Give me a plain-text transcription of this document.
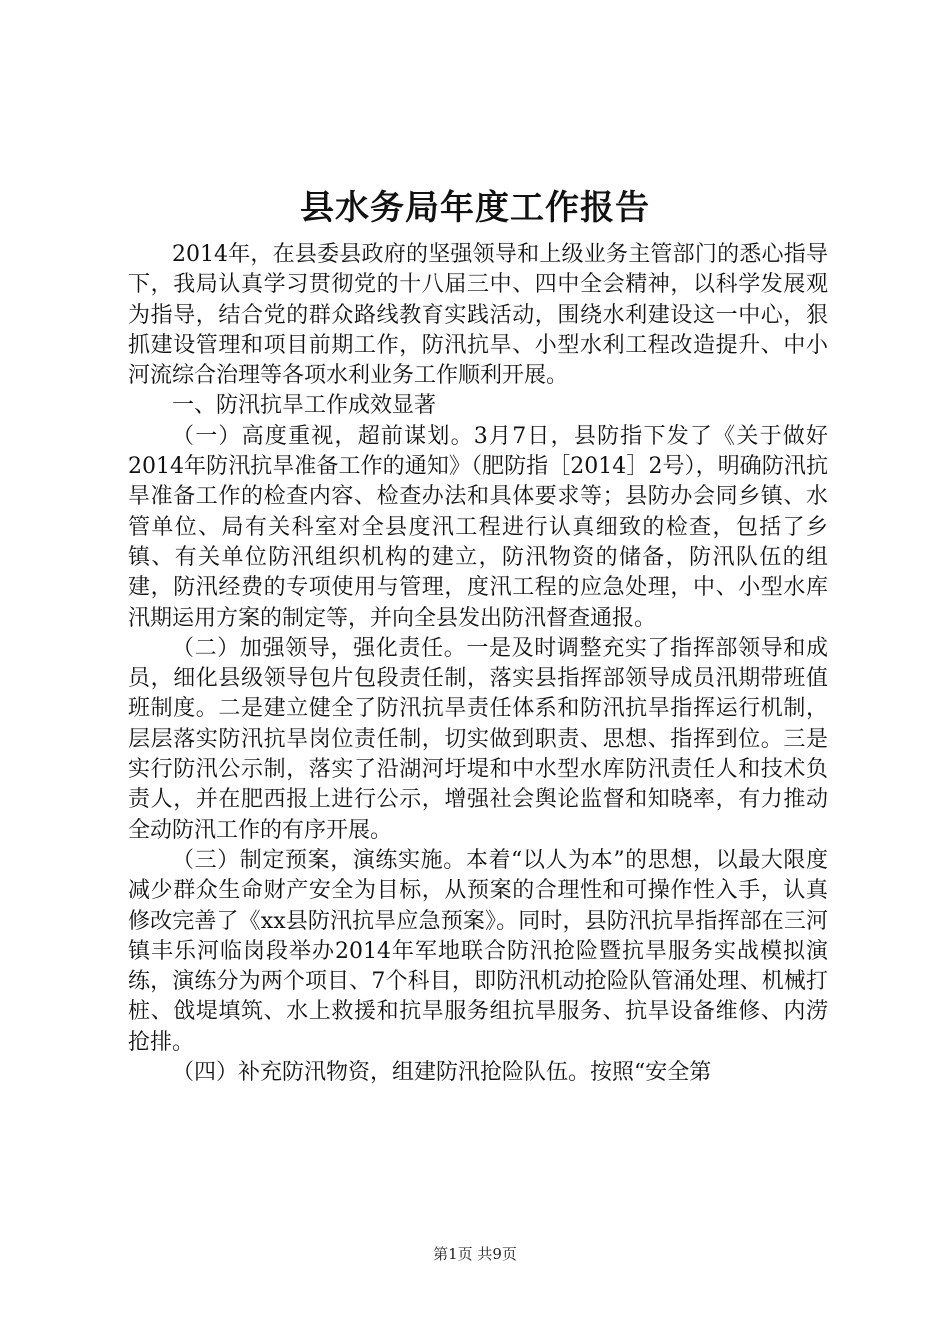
县水务局年度工作报告

2014年，在县委县政府的坚强领导和上级业务主管部门的悉心指导下，我局认真学习贯彻党的十八届三中、四中全会精神，以科学发展观为指导，结合党的群众路线教育实践活动，围绕水利建设这一中心，狠抓建设管理和项目前期工作，防汛抗旱、小型水利工程改造提升、中小河流综合治理等各项水利业务工作顺利开展。

一、防汛抗旱工作成效显著

（一）高度重视，超前谋划。3月7日，县防指下发了《关于做好2014年防汛抗旱准备工作的通知》（肥防指［2014］2号），明确防汛抗旱准备工作的检查内容、检查办法和具体要求等；县防办会同乡镇、水管单位、局有关科室对全县度汛工程进行认真细致的检查，包括了乡镇、有关单位防汛组织机构的建立，防汛物资的储备，防汛队伍的组建，防汛经费的专项使用与管理，度汛工程的应急处理，中、小型水库汛期运用方案的制定等，并向全县发出防汛督查通报。

（二）加强领导，强化责任。一是及时调整充实了指挥部领导和成员，细化县级领导包片包段责任制，落实县指挥部领导成员汛期带班值班制度。二是建立健全了防汛抗旱责任体系和防汛抗旱指挥运行机制，层层落实防汛抗旱岗位责任制，切实做到职责、思想、指挥到位。三是实行防汛公示制，落实了沿湖河圩堤和中水型水库防汛责任人和技术负责人，并在肥西报上进行公示，增强社会舆论监督和知晓率，有力推动全动防汛工作的有序开展。

（三）制定预案，演练实施。本着“以人为本”的思想，以最大限度减少群众生命财产安全为目标，从预案的合理性和可操作性入手，认真修改完善了《xx县防汛抗旱应急预案》。同时，县防汛抗旱指挥部在三河镇丰乐河临岗段举办2014年军地联合防汛抢险暨抗旱服务实战模拟演练，演练分为两个项目、7个科目，即防汛机动抢险队管涌处理、机械打桩、戗堤填筑、水上救援和抗旱服务组抗旱服务、抗旱设备维修、内涝抢排。

（四）补充防汛物资，组建防汛抢险队伍。按照“安全第

第1页 共9页
